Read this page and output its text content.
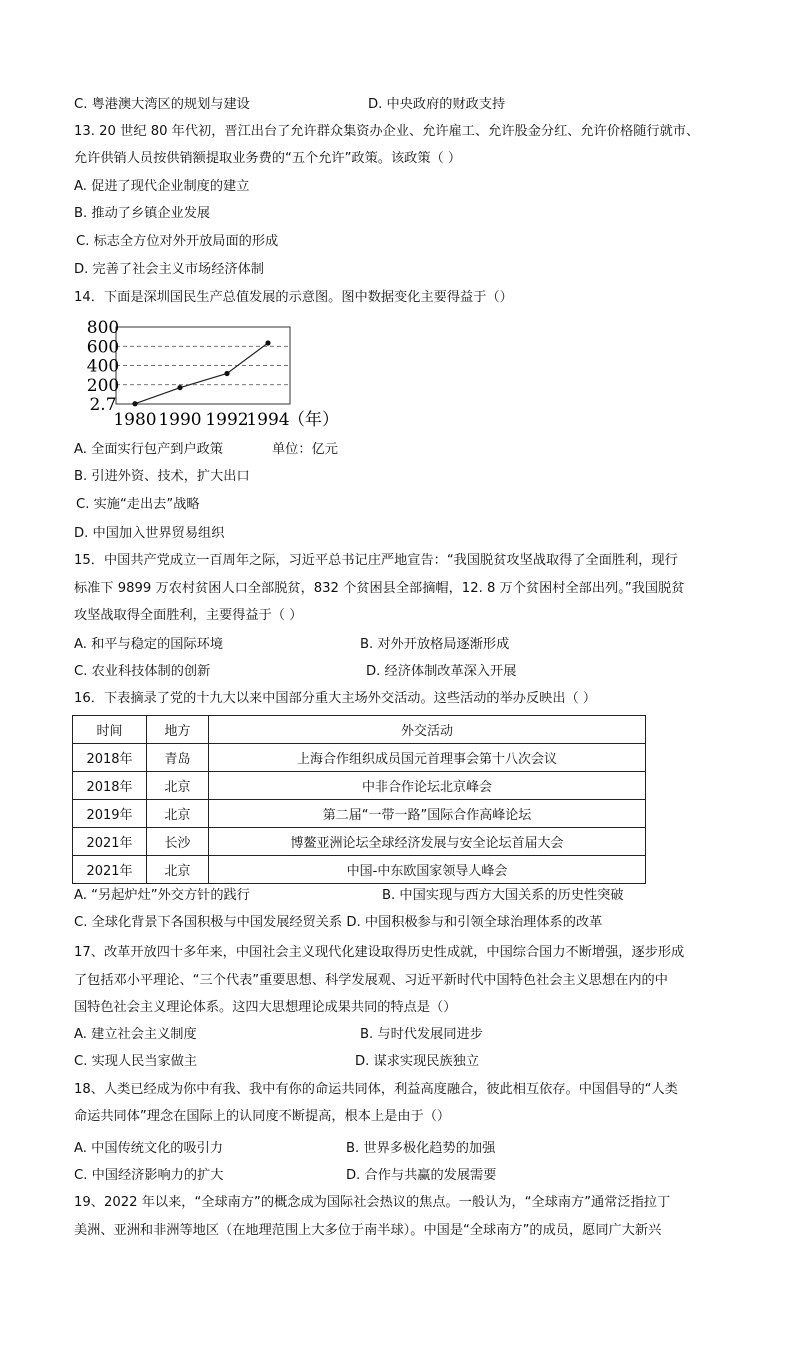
C. 粤港澳大湾区的规划与建设	D. 中央政府的财政支持
13. 20 世纪 80 年代初，晋江出台了允许群众集资办企业、允许雇工、允许股金分红、允许价格随行就市、
允许供销人员按供销额提取业务费的“五个允许”政策。该政策（ ）
A. 促进了现代企业制度的建立
B. 推动了乡镇企业发展
C. 标志全方位对外开放局面的形成
D. 完善了社会主义市场经济体制
14．下面是深圳国民生产总值发展的示意图。图中数据变化主要得益于（）
800
600
400
200
2.7
1980 1990 1992
1994
（年）
A. 全面实行包产到户政策	单位：亿元
B. 引进外资、技术，扩大出口
C. 实施“走出去”战略
D. 中国加入世界贸易组织
15．中国共产党成立一百周年之际，习近平总书记庄严地宣告：“我国脱贫攻坚战取得了全面胜利，现行
标准下 9899 万农村贫困人口全部脱贫，832 个贫困县全部摘帽，12. 8 万个贫困村全部出列。”我国脱贫
攻坚战取得全面胜利，主要得益于（ ）
A. 和平与稳定的国际环境	B. 对外开放格局逐渐形成
C. 农业科技体制的创新	D. 经济体制改革深入开展
16．下表摘录了党的十九大以来中国部分重大主场外交活动。这些活动的举办反映出（ ）
时间	地方	外交活动
2018年	青岛	上海合作组织成员国元首理事会第十八次会议
2018年	北京	中非合作论坛北京峰会
2019年	北京	第二届“一带一路”国际合作高峰论坛
2021年	长沙	博鳌亚洲论坛全球经济发展与安全论坛首届大会
2021年	北京	中国-中东欧国家领导人峰会
A. “另起炉灶”外交方针的践行	B. 中国实现与西方大国关系的历史性突破
C. 全球化背景下各国积极与中国发展经贸关系 D. 中国积极参与和引领全球治理体系的改革
17、改革开放四十多年来，中国社会主义现代化建设取得历史性成就，中国综合国力不断增强，逐步形成
了包括邓小平理论、“三个代表”重要思想、科学发展观、习近平新时代中国特色社会主义思想在内的中
国特色社会主义理论体系。这四大思想理论成果共同的特点是（）
A. 建立社会主义制度	B. 与时代发展同进步
C. 实现人民当家做主	D. 谋求实现民族独立
18、人类已经成为你中有我、我中有你的命运共同体，利益高度融合，彼此相互依存。中国倡导的“人类
命运共同体”理念在国际上的认同度不断提高，根本上是由于（）
A. 中国传统文化的吸引力	B. 世界多极化趋势的加强
C. 中国经济影响力的扩大	D. 合作与共赢的发展需要
19、2022 年以来，“全球南方”的概念成为国际社会热议的焦点。一般认为，“全球南方”通常泛指拉丁
美洲、亚洲和非洲等地区（在地理范围上大多位于南半球）。中国是“全球南方”的成员，愿同广大新兴
